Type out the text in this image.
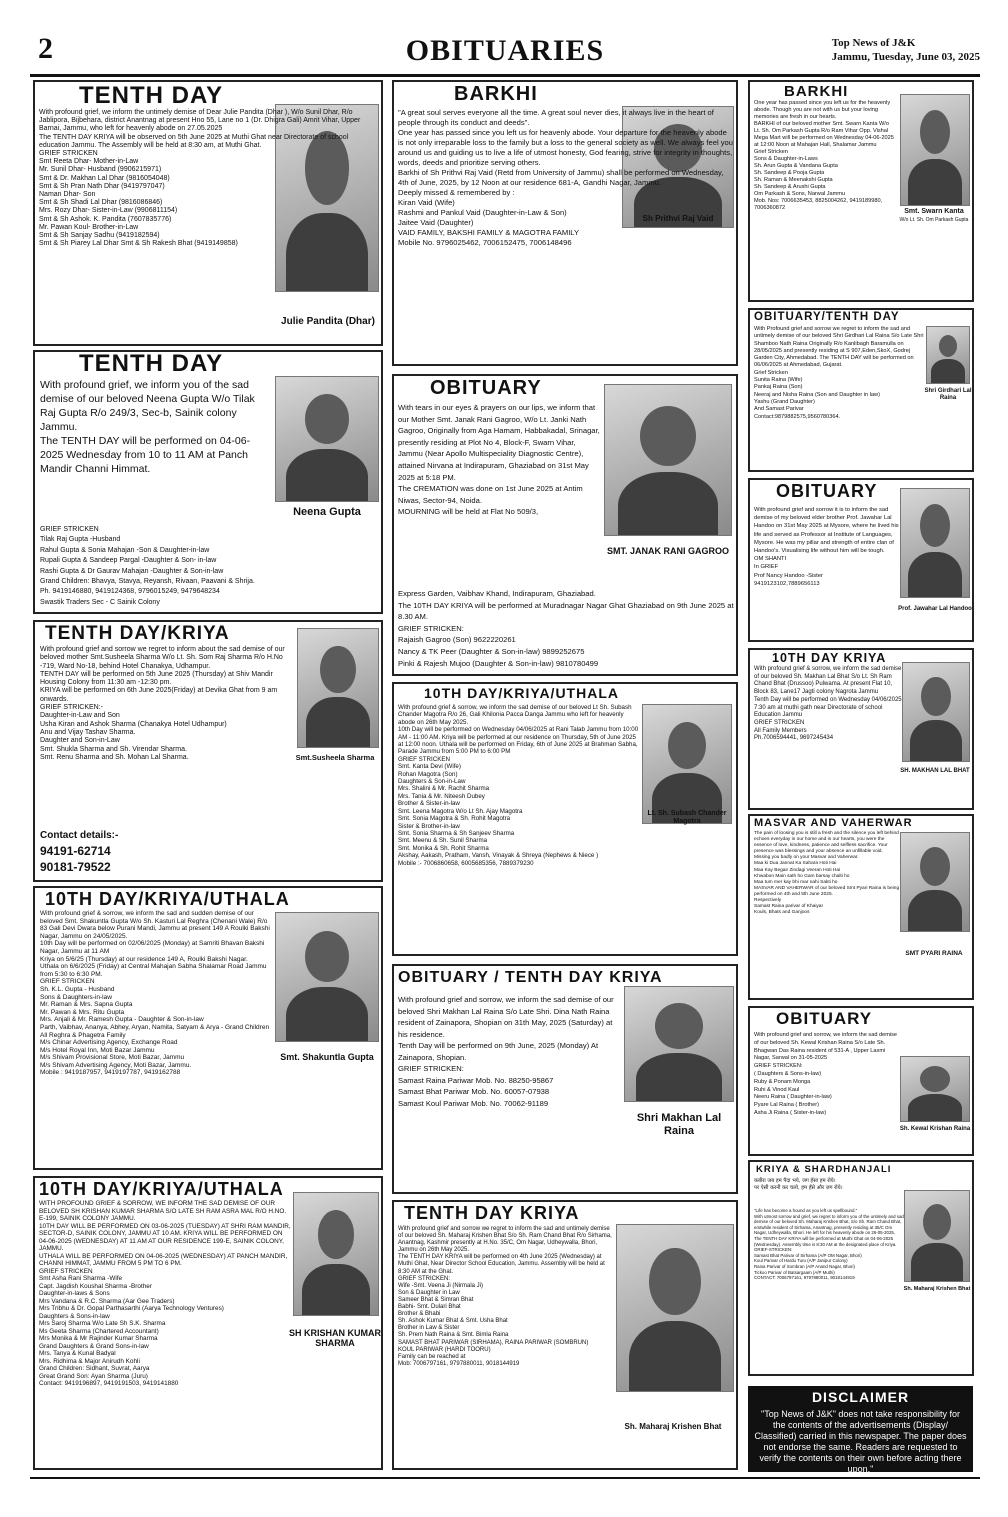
2	OBITUARIES	Top News of J&K
Jammu, Tuesday, June 03, 2025
TENTH DAY
Julie Pandita (Dhar)

With profound grief, we inform the untimely demise of Dear Julie Pandita (Dhar ), W/o Sunil Dhar, R/o Jablipora, Bijbehara, district Anantnag at present Hno 55, Lane no 1 (Dr. Dhigra Gali) Amrit Vihar, Upper Barnai, Jammu, who left for heavenly abode on 27.05.2025
The TENTH DAY KRIYA will be observed on 5th June 2025 at Muthi Ghat near Directorate of school education Jammu. The Assembly will be held at 8:30 am, at Muthi Ghat.
GRIEF STRICKEN
Smt Reeta Dhar- Mother-in-Law
Mr. Sunil Dhar- Husband (9906215971)
Smt & Dr. Makhan Lal Dhar (9816054048)
Smt & Sh Pran Nath Dhar (9419797047)
Naman Dhar- Son
Smt & Sh Shadi Lal Dhar (9816086846)
Mrs. Rozy Dhar- Sister-in-Law (9906811154)
Smt & Sh Ashok. K. Pandita (7607835776)
Mr. Pawan Koul- Brother-in-Law
Smt & Sh Sanjay Sadhu (9419182594)
Smt & Sh Piarey Lal Dhar Smt & Sh Rakesh Bhat (9419149858)

TENTH DAY
Neena Gupta

With profound grief, we inform you of the sad demise of our beloved Neena Gupta W/o Tilak Raj Gupta R/o 249/3, Sec-b, Sainik colony Jammu.
The TENTH DAY will be performed on 04-06-2025 Wednesday from 10 to 11 AM at Panch Mandir Channi Himmat.

GRIEF STRICKEN
Tilak Raj Gupta -Husband
Rahul Gupta & Sonia Mahajan -Son & Daughter-in-law
Rupali Gupta & Sandeep Pargal -Daughter & Son- in-law
Rashi Gupta & Dr Gaurav Mahajan -Daughter & Son-in-law
Grand Children: Bhavya, Stavya, Reyansh, Rivaan, Paavani & Shrija.
Ph. 9419146880, 9419124368, 9796015249, 9479648234
Swastik Traders Sec - C Sainik Colony

TENTH DAY/KRIYA
Smt.Susheela Sharma

With profound grief and sorrow we regret to inform about the sad demise of our beloved mother Smt.Susheela Sharma W/o Lt. Sh. Som Raj Sharma R/o H.No -719, Ward No-18, behind Hotel Chanakya, Udhampur.
TENTH DAY will be performed on 5th June 2025 (Thursday) at Shiv Mandir Housing Colony from 11:30 am -12:30 pm.
KRIYA will be performed on 6th June 2025(Friday) at Devika Ghat from 9 am onwards.
GRIEF STRICKEN:-
Daughter-in-Law and Son
Usha Kiran and Ashok Sharma (Chanakya Hotel Udhampur)
Anu and Vijay Tashav Sharma.
Daughter and Son-in-Law
Smt. Shukla Sharma and Sh. Virendar Sharma.
Smt. Renu Sharma and Sh. Mohan Lal Sharma.

Contact details:-
94191-62714
90181-79522
10TH DAY/KRIYA/UTHALA
Smt. Shakuntla Gupta

With profound grief & sorrow, we inform the sad and sudden demise of our beloved Smt. Shakuntla Gupta W/o Sh. Kasturi Lal Reghra (Chenani Wale) R/o 83 Gali Devi Dwara below Purani Mandi, Jammu at present 149 A Roulki Bakshi Nagar, Jammu on 24/05/2025.
10th Day will be performed on 02/06/2025 (Monday) at Samriti Bhavan Bakshi Nagar, Jammu at 11 AM
Kriya on 5/6/25 (Thursday) at our residence 149 A, Roulki Bakshi Nagar.
Uthala on 6/6/2025 (Friday) at Central Mahajan Sabha Shalamar Road Jammu from 5:30 to 6:30 PM.
GRIEF STRICKEN
Sh. K.L. Gupta - Husband
Sons & Daughters-in-law
Mr. Raman & Mrs. Sapna Gupta
Mr. Pawan & Mrs. Ritu Gupta
Mrs. Anjali & Mr. Ramesh Gupta - Daughter & Son-in-law
Parth, Vaibhav, Ananya, Abhey, Aryan, Namita, Satyam & Arya - Grand Children
All Reghra & Phagetra Family
M/s Chinar Advertising Agency, Exchange Road
M/s Hotel Royal Inn, Moti Bazar Jammu
M/s Shivam Provisional Store, Moti Bazar, Jammu
M/s Shivam Advertising Agency, Moti Bazar, Jammu.
Mobile : 9419187957, 9419197787, 9419162788

10TH DAY/KRIYA/UTHALA
SH KRISHAN KUMAR SHARMA

WITH PROFOUND GRIEF & SORROW, WE INFORM THE SAD DEMISE OF OUR BELOVED SH KRISHAN KUMAR SHARMA S/O LATE SH RAM ASRA MAL R/O H.NO. E-199, SAINIK COLONY JAMMU.
10TH DAY WILL BE PERFORMED ON 03-06-2025 (TUESDAY) AT SHRI RAM MANDIR, SECTOR-D, SAINIK COLONY, JAMMU AT 10 AM. KRIYA WILL BE PERFORMED ON 04-06-2025 (WEDNESDAY) AT 11 AM AT OUR RESIDENCE 199-E, SAINIK COLONY, JAMMU.
UTHALA WILL BE PERFORMED ON 04-06-2025 (WEDNESDAY) AT PANCH MANDIR, CHANNI HIMMAT, JAMMU FROM 5 PM TO 6 PM.
GRIEF STRICKEN
Smt Asha Rani Sharma -Wife
Capt. Jagdish Koushal Sharma -Brother
Daughter-in-laws & Sons
Mrs Vandana & R.C. Sharma (Aar Gee Traders)
Mrs Tribhu & Dr. Gopal Parthasarthi (Aarya Technology Ventures)
Daughters & Sons-in-law
Mrs Saroj Sharma W/o Late Sh S.K. Sharma
Ms Geeta Sharma (Chartered Accountant)
Mrs Monika & Mr Rajinder Kumar Sharma
Grand Daughters & Grand Sons-in-law
Mrs. Tanya & Kunal Badyal
Mrs. Ridhima & Major Anirudh Kohli
Grand Children: Sidhant, Suvrat, Aarya
Great Grand Son: Ayan Sharma (Juru)
Contact: 9419196897, 9419191503, 9419141880

BARKHI
Sh Prithvi Raj Vaid

"A great soul serves everyone all the time. A great soul never dies, it always live in the heart of people through its conduct and deeds".
One year has passed since you left us for heavenly abode. Your departure for the heavenly abode is not only irreparable loss to the family but a loss to the general society as well. We always feel you around us and guiding us to live a life of utmost honesty, God fearing, strive for integrity in thoughts, words, deeds and prioritize serving others.
Barkhi of Sh Prithvi Raj Vaid (Retd from University of Jammu) shall be performed on Wednesday, 4th of June, 2025, by 12 Noon at our residence 681-A, Gandhi Nagar, Jammu.
Deeply missed & remembered by :
Kiran Vaid (Wife)
Rashmi and Pankul Vaid (Daughter-in-Law & Son)
Jaitee Vaid (Daughter)
VAID FAMILY, BAKSHI FAMILY & MAGOTRA FAMILY
Mobile No. 9796025462, 7006152475, 7006148496

OBITUARY
SMT. JANAK RANI GAGROO

With tears in our eyes & prayers on our lips, we inform that our Mother Smt. Janak Rani Gagroo, W/o Lt. Janki Nath Gagroo, Originally from Aga Hamam, Habbakadal, Srinagar, presently residing at Plot No 4, Block-F, Swarn Vihar, Jammu (Near Apollo Multispeciality Diagnostic Centre), attained Nirvana at Indirapuram, Ghaziabad on 31st May 2025 at 5:18 PM.
The CREMATION was done on 1st June 2025 at Antim Niwas, Sector-94, Noida.
MOURNING will be held at Flat No 509/3,

Express Garden, Vaibhav Khand, Indirapuram, Ghaziabad.
The 10TH DAY KRIYA will be performed at Muradnagar Nagar Ghat Ghaziabad on 9th June 2025 at 8.30 AM.
GRIEF STRICKEN:
Rajaish Gagroo (Son) 9622220261
Nancy & TK Peer (Daughter & Son-in-law) 9899252675
Pinki & Rajesh Mujoo (Daughter & Son-in-law) 9810780499

10TH DAY/KRIYA/UTHALA
Lt. Sh. Subash Chander Magotra

With profound grief & sorrow, we inform the sad demise of our beloved Lt Sh. Subash Chander Magotra R/o 26, Gali Khilonia Pacca Danga Jammu who left for heavenly abode on 26th May 2025.
10th Day will be performed on Wednesday 04/06/2025 at Rani Talab Jammu from 10:00 AM - 11:00 AM. Kriya will be performed at our residence on Thursday, 5th of June 2025 at 12:00 noon. Uthala will be performed on Friday, 6th of June 2025 at Brahman Sabha, Parade Jammu from 5:00 PM to 6:00 PM
GRIEF STRICKEN
Smt. Kanta Devi (Wife)
Rohan Magotra (Son)
Daughters & Son-in-Law
Mrs. Shalini & Mr. Rachit Sharma
Mrs. Tania & Mr. Niteesh Dubey
Brother & Sister-in-law
Smt. Leena Magotra W/o Lt Sh. Ajay Magotra
Smt. Sonia Magotra & Sh. Rohit Magotra
Sister & Brother-in-law
Smt. Sonia Sharma & Sh Sanjeev Sharma
Smt. Meenu & Sh. Sunil Sharma
Smt. Monika & Sh. Rohit Sharma
Akshay, Aakash, Pratham, Vansh, Vinayak & Shreya (Nephews & Niece )
Mobile :- 7006860658, 6005685356, 7889379230

OBITUARY / TENTH DAY KRIYA
Shri Makhan Lal Raina

With profound grief and sorrow, we inform the sad demise of our beloved Shri Makhan Lal Raina S/o Late Shri. Dina Nath Raina resident of Zainapora, Shopian on 31th May, 2025 (Saturday) at his residence.
Tenth Day will be performed on 9th June, 2025 (Monday) At Zainapora, Shopian.
GRIEF STRICKEN:
Samast Raina Pariwar Mob. No. 88250-95867
Samast Bhat Pariwar Mob. No. 60057-07938
Samast Koul Pariwar Mob. No. 70062-91189

TENTH DAY KRIYA
Sh. Maharaj Krishen Bhat

With profound grief and sorrow we regret to inform the sad and untimely demise of our beloved Sh. Maharaj Krishen Bhat S/o Sh. Ram Chand Bhat R/o Sirhama, Anantnag, Kashmir presently at H.No. 35/C, Om Nagar, Udheywalla, Bhori, Jammu on 26th May 2025.
The TENTH DAY KRIYA will be performed on 4th June 2025 (Wednesday) at Muthi Ghat, Near Director School Education, Jammu. Assembly will be held at 8:30 AM at the Ghat.
GRIEF STRICKEN:
Wife -Smt. Veena Ji (Nirmala Ji)
Son & Daughter in Law
Sameer Bhat & Simran Bhat
Babhi- Smt. Dulari Bhat
Brother & Bhabi
Sh. Ashok Kumar Bhat & Smt. Usha Bhat
Brother in Law & Sister
Sh. Prem Nath Raina & Smt. Bimla Raina
SAMAST BHAT PARIWAR (SIRHAMA), RAINA PARIWAR (SOMBRUN)
KOUL PARIWAR (HARDI TOORU)
Family can be reached at
Mob: 7006797161, 9797880011, 9018144919

BARKHI
Smt. Swarn Kanta
W/o Lt. Sh. Om Parkash Gupta

One year has passed since you left us for the heavenly abode. Though you are not with us but your loving memories are fresh in our hearts.
BARKHI of our beloved mother Smt. Swarn Kanta W/o Lt. Sh. Om Parkash Gupta R/o Ram Vihar Opp. Vishal Mega Mart will be performed on Wednesday 04-06-2025 at 12:00 Noon at Mahajan Hall, Shalamar Jammu
Grief Stricken
Sons & Daughter-in-Laws
Sh. Arun Gupta & Vandana Gupta
Sh. Sandeep & Pooja Gupta
Sh. Raman & Meenakshi Gupta
Sh. Sandeep & Arushi Gupta
Om Parkash & Sons, Narwal Jammu
Mob. Nos: 7006635453, 8825004262, 9419189980, 7006360872

OBITUARY/TENTH DAY
Shri Girdhari Lal Raina

With Profound grief and sorrow we regret to inform the sad and untimely demise of our beloved Shri Girdhari Lal Raina S/o Late Shri Shamboo Nath Raina Originally R/o Kanlibagh Baramulla on 28/05/2025 and presently residing at S 907,Eden,SkoX, Godrej Garden City, Ahmedabad. The TENTH DAY will be performed on 06/06/2025 at Ahmedabad, Gujarat.
Grief Stricken
Sunita Raina (Wife)
Pankaj Raina (Son)
Neeraj and Nisha Raina (Son and Daughter in law)
Yashu (Grand Daughter)
And Samast Parivar
Contact:9879882575,9560780364.

OBITUARY
Prof. Jawahar Lal Handoo

With profound grief and sorrow it is to inform the sad demise of my beloved elder brother Prof. Jawahar Lal Handoo on 31st May 2025 at Mysore, where he lived his life and served as Professor at Institute of Languages, Mysore. He was my pillar and strength of entire clan of Handoo's. Visualising life without him will be tough.
OM SHANTI
In GRIEF
Prof Nancy Handoo -Sister
9419123102,7889656113

10TH DAY KRIYA
SH. MAKHAN LAL BHAT

With profound grief & sorrow, we inform the sad demise of our beloved Sh. Makhan Lal Bhat S/o Lt. Sh Ram Chand Bhat (Drussoo) Pulwama. At present Flat 10, Block 83, Lane17 Jagti colony Nagrota Jammu
Tenth Day will be performed on Wednesday 04/06/2025 7:30 am at muthi gath near Directorate of school Education Jammu
GRIEF STRICKEN
All Family Members
Ph.7006594441, 9697245434

MASVAR AND VAHERWAR
SMT PYARI RAINA

The pain of loosing you is still a fresh and the silence you left behind echoes everyday in our home and in our hearts, you were the essence of love, kindness, patience and selfless sacrifice. Your presence was blessings and your absence an unfillable void.
Missing you badly on your Masvar and Vaherwar.
Maa ki Dua Jannat Ka Sahara Hoti Hai
Maa Kay Begair Zindagi Veeran Hoti Hai
Khwabon Main sath ho Gam barsay chalti ho
Maa tum mer kay bhi mar nahi Sakti ho
MASVAR AND VAHERWAR of our beloved Smt Pyari Raina is being performed on 4th and 5th June 2025.
Respectively
Samast Raina parivar of Khaiyar
Kouls, Bhats and Ganjoos

OBITUARY
Sh. Kewal Krishan Raina

With profound grief and sorrow, we inform the sad demise of our beloved Sh. Kewal Krishan Raina S/o Late Sh. Bhagwan Das Raina resident of 531-A , Upper Laxmi Nagar, Sarwal on 31-05-2025
GRIEF STRICKEN:
( Daughters & Sons-in-law)
Ruby & Ponam Monga
Ruhi & Vinod Kaul
Neeru Raina ( Daughter-in-law)
Pyare Lal Raina ( Brother)
Asha Ji Raina ( Sister-in-law)

KRIYA & SHARDHANJALI

कबीरा जब हम पैदा भये, जग हँसा हम रोये।
पर ऐसी करनी कर चलो, हम हँसे और जग रोये।

Sh. Maharaj Krishen Bhat

"Life has become a hound as you left us spellbound."
With utmost sorrow and grief, we regret to inform you of the untimely and sad demise of our beloved Sh. Maharaj Krishen Bhat, S/o Sh. Ram Chand Bhat, erstwhile resident of Sirhama, Anantnag, presently residing at 35/C Om Nagar, Udheywalla, Bhori. He left for his heavenly abode on 26-05-2025.
The TENTH DAY KRIYA will be performed at Muthi Ghat on 04-06-2025 (Wednesday). Assembly time is 8:30 AM at the designated place of Kriya.
GRIEF-STRICKEN:
Samast Bhat Parivar of Sirhama (A/P OM Nagar, Bhori)
Koul Parivar of Hardu Turu (A/P Janipur Colony)
Raina Parivar of Sombran (A/P Anand Nagar, Bhori)
Tickoo Parivar of Batsargaam (A/P Muthi)
CONTACT: 7006797161, 9797880011, 9018144919

DISCLAIMER
"Top News of J&K" does not take responsibility for the contents of the advertisements (Display/ Classified) carried in this newspaper. The paper does not endorse the same. Readers are requested to verify the contents on their own before acting there upon."
